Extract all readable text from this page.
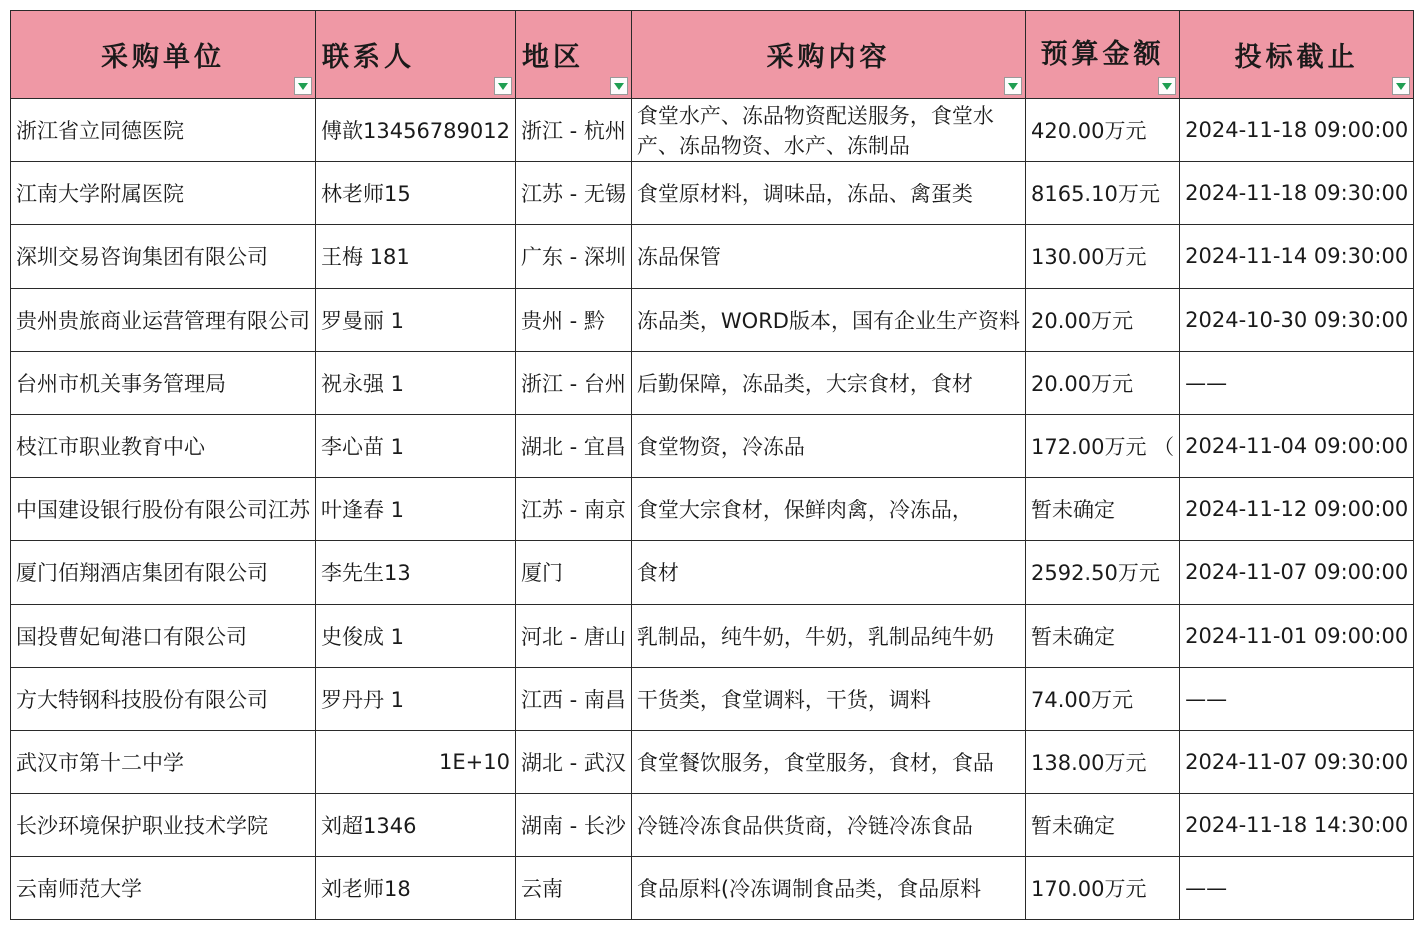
采购单位	联系人	地区	采购内容	预算金额	投标截止

浙江省立同德医院	傅歆13456789012	浙江 - 杭州	食堂水产、冻品物资配送服务，食堂水产、冻品物资、水产、冻制品	420.00万元	2024-11-18 09:00:00
江南大学附属医院	林老师15	江苏 - 无锡	食堂原材料，调味品，冻品、禽蛋类	8165.10万元	2024-11-18 09:30:00
深圳交易咨询集团有限公司	王梅 181	广东 - 深圳	冻品保管	130.00万元	2024-11-14 09:30:00
贵州贵旅商业运营管理有限公司	罗曼丽 1	贵州 - 黔	冻品类，WORD版本，国有企业生产资料	20.00万元	2024-10-30 09:30:00
台州市机关事务管理局	祝永强 1	浙江 - 台州	后勤保障，冻品类，大宗食材，食材	20.00万元	——
枝江市职业教育中心	李心苗 1	湖北 - 宜昌	食堂物资，冷冻品	172.00万元 （	2024-11-04 09:00:00
中国建设银行股份有限公司江苏	叶逢春 1	江苏 - 南京	食堂大宗食材，保鲜肉禽，冷冻品，	暂未确定	2024-11-12 09:00:00
厦门佰翔酒店集团有限公司	李先生13	厦门	食材	2592.50万元	2024-11-07 09:00:00
国投曹妃甸港口有限公司	史俊成 1	河北 - 唐山	乳制品，纯牛奶，牛奶，乳制品纯牛奶	暂未确定	2024-11-01 09:00:00
方大特钢科技股份有限公司	罗丹丹 1	江西 - 南昌	干货类，食堂调料，干货，调料	74.00万元	——
武汉市第十二中学	1E+10	湖北 - 武汉	食堂餐饮服务，食堂服务，食材，食品	138.00万元	2024-11-07 09:30:00
长沙环境保护职业技术学院	刘超1346	湖南 - 长沙	冷链冷冻食品供货商，冷链冷冻食品	暂未确定	2024-11-18 14:30:00
云南师范大学	刘老师18	云南	食品原料(冷冻调制食品类，食品原料	170.00万元	——
